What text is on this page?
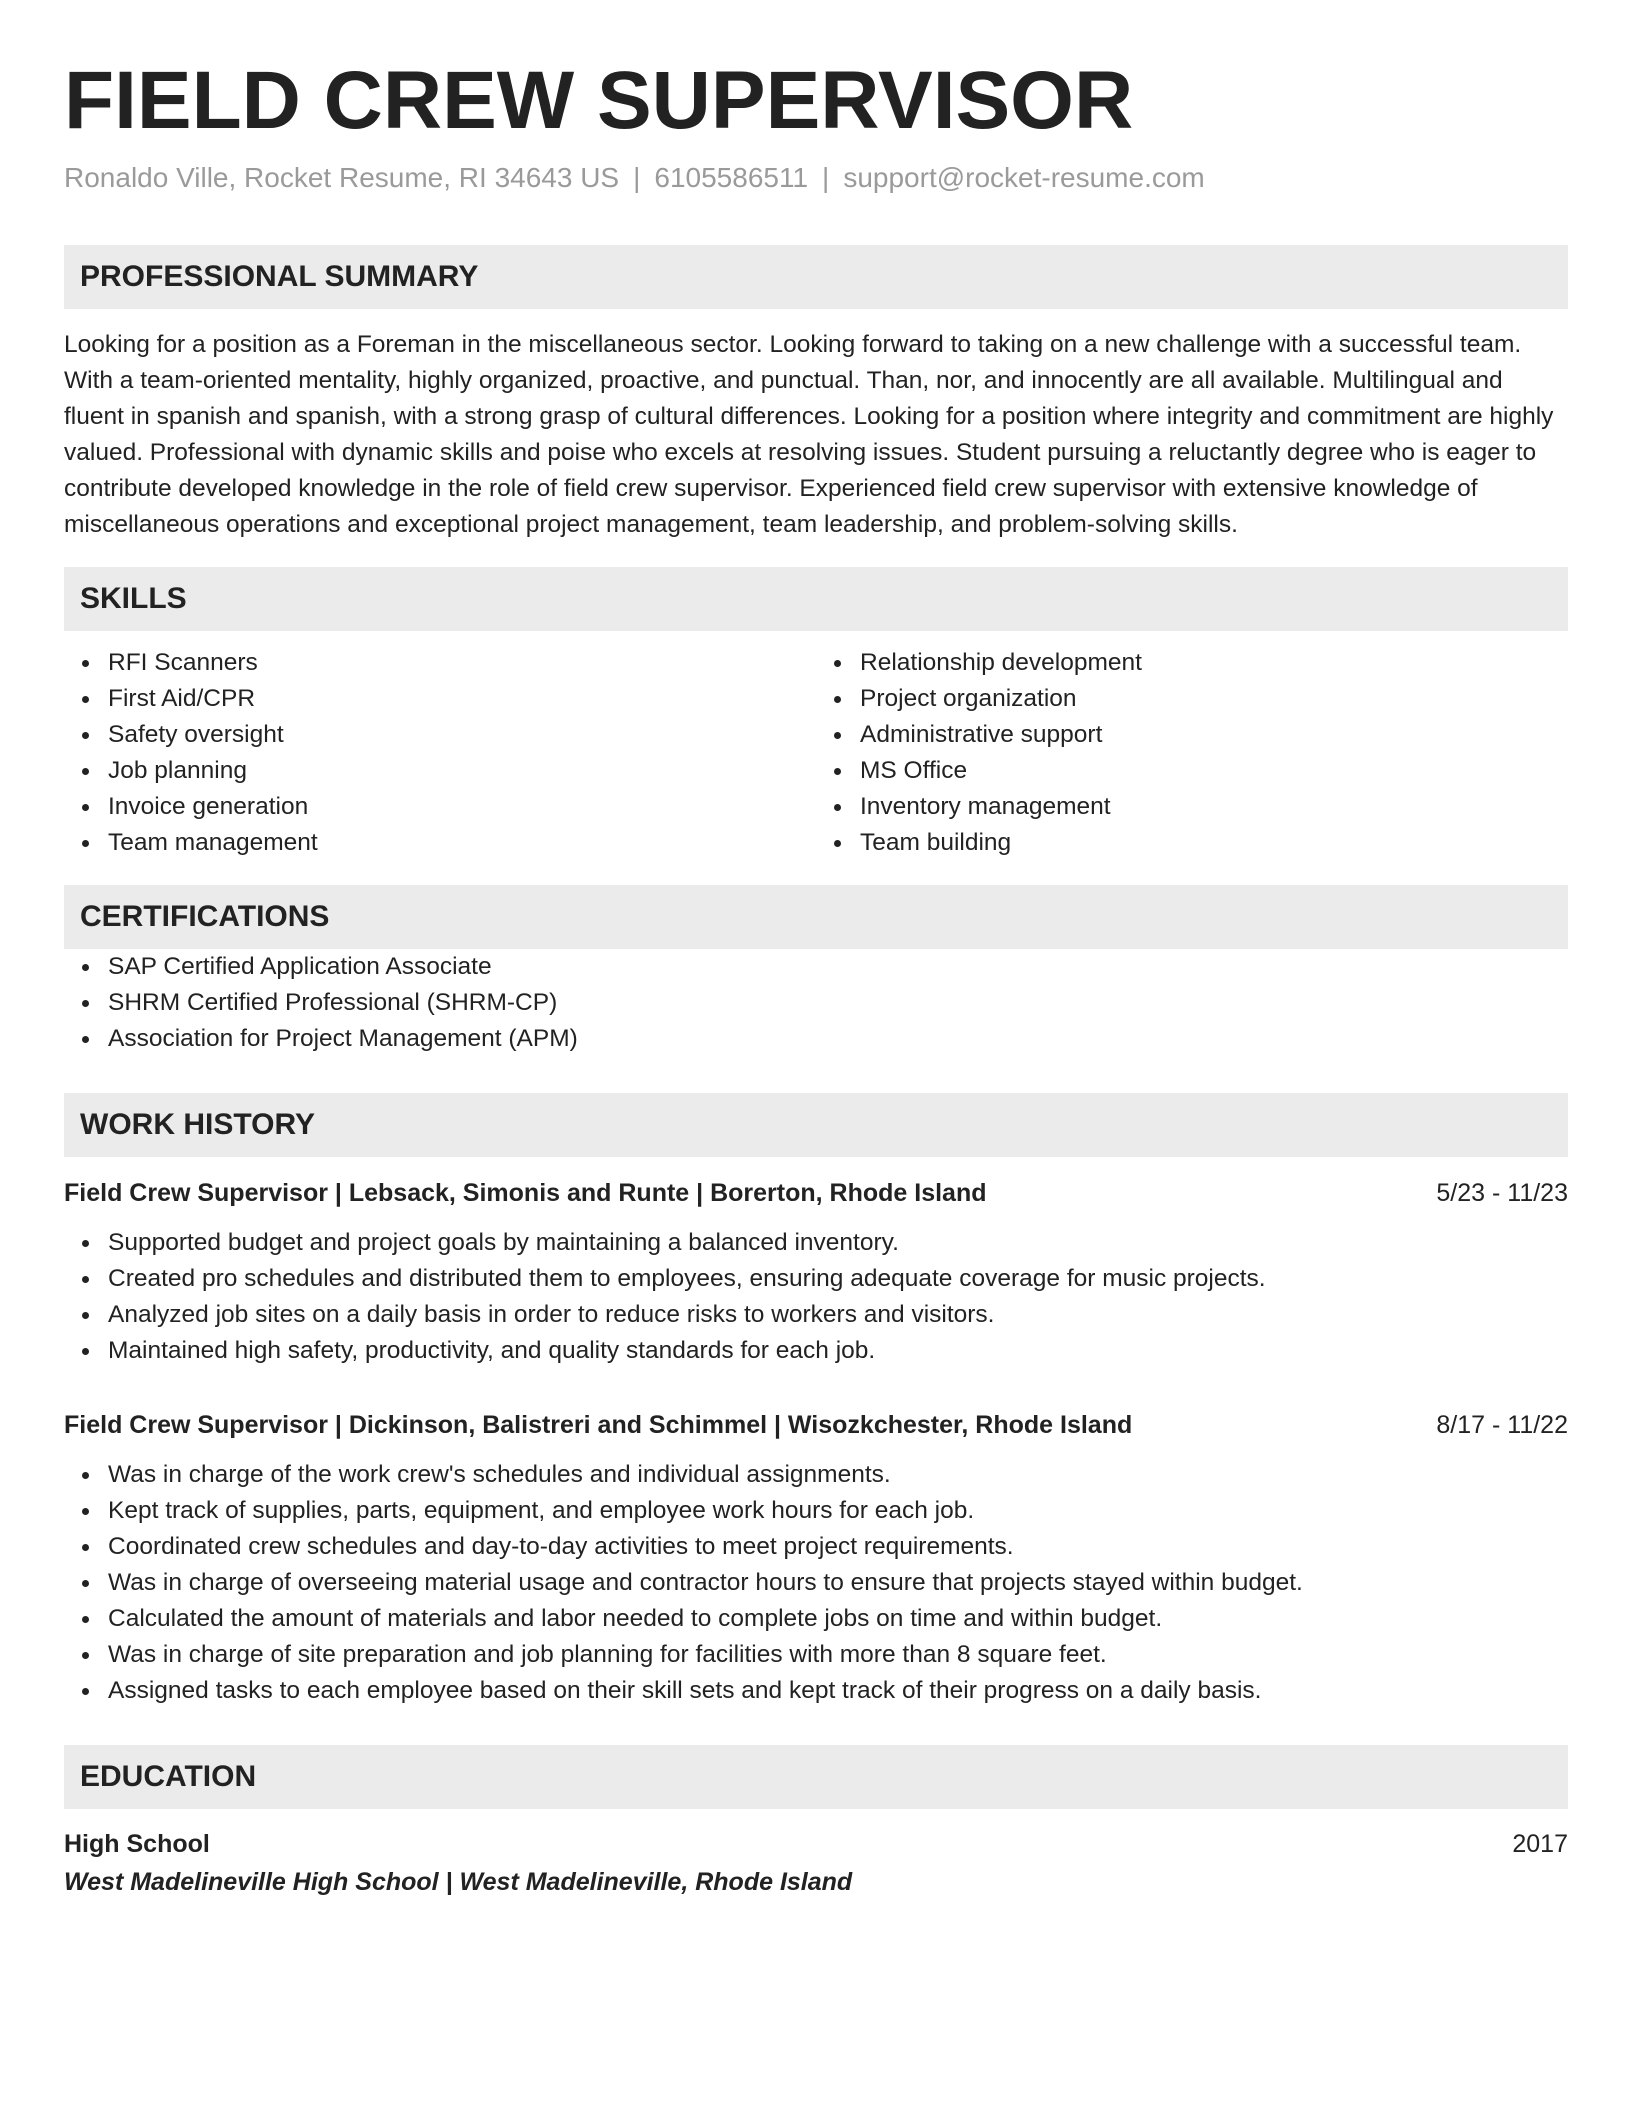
FIELD CREW SUPERVISOR
Ronaldo Ville, Rocket Resume, RI 34643 US | 6105586511 | support@rocket-resume.com
PROFESSIONAL SUMMARY

Looking for a position as a Foreman in the miscellaneous sector. Looking forward to taking on a new challenge with a successful team. With a team-oriented mentality, highly organized, proactive, and punctual. Than, nor, and innocently are all available. Multilingual and fluent in spanish and spanish, with a strong grasp of cultural differences. Looking for a position where integrity and commitment are highly valued. Professional with dynamic skills and poise who excels at resolving issues. Student pursuing a reluctantly degree who is eager to contribute developed knowledge in the role of field crew supervisor. Experienced field crew supervisor with extensive knowledge of miscellaneous operations and exceptional project management, team leadership, and problem-solving skills.

SKILLS
RFI Scanners
First Aid/CPR
Safety oversight
Job planning
Invoice generation
Team management
Relationship development
Project organization
Administrative support
MS Office
Inventory management
Team building
CERTIFICATIONS
SAP Certified Application Associate
SHRM Certified Professional (SHRM-CP)
Association for Project Management (APM)
WORK HISTORY
Field Crew Supervisor | Lebsack, Simonis and Runte | Borerton, Rhode Island	5/23 - 11/23
Supported budget and project goals by maintaining a balanced inventory.
Created pro schedules and distributed them to employees, ensuring adequate coverage for music projects.
Analyzed job sites on a daily basis in order to reduce risks to workers and visitors.
Maintained high safety, productivity, and quality standards for each job.
Field Crew Supervisor | Dickinson, Balistreri and Schimmel | Wisozkchester, Rhode Island	8/17 - 11/22
Was in charge of the work crew's schedules and individual assignments.
Kept track of supplies, parts, equipment, and employee work hours for each job.
Coordinated crew schedules and day-to-day activities to meet project requirements.
Was in charge of overseeing material usage and contractor hours to ensure that projects stayed within budget.
Calculated the amount of materials and labor needed to complete jobs on time and within budget.
Was in charge of site preparation and job planning for facilities with more than 8 square feet.
Assigned tasks to each employee based on their skill sets and kept track of their progress on a daily basis.
EDUCATION
High School	2017
West Madelineville High School | West Madelineville, Rhode Island
